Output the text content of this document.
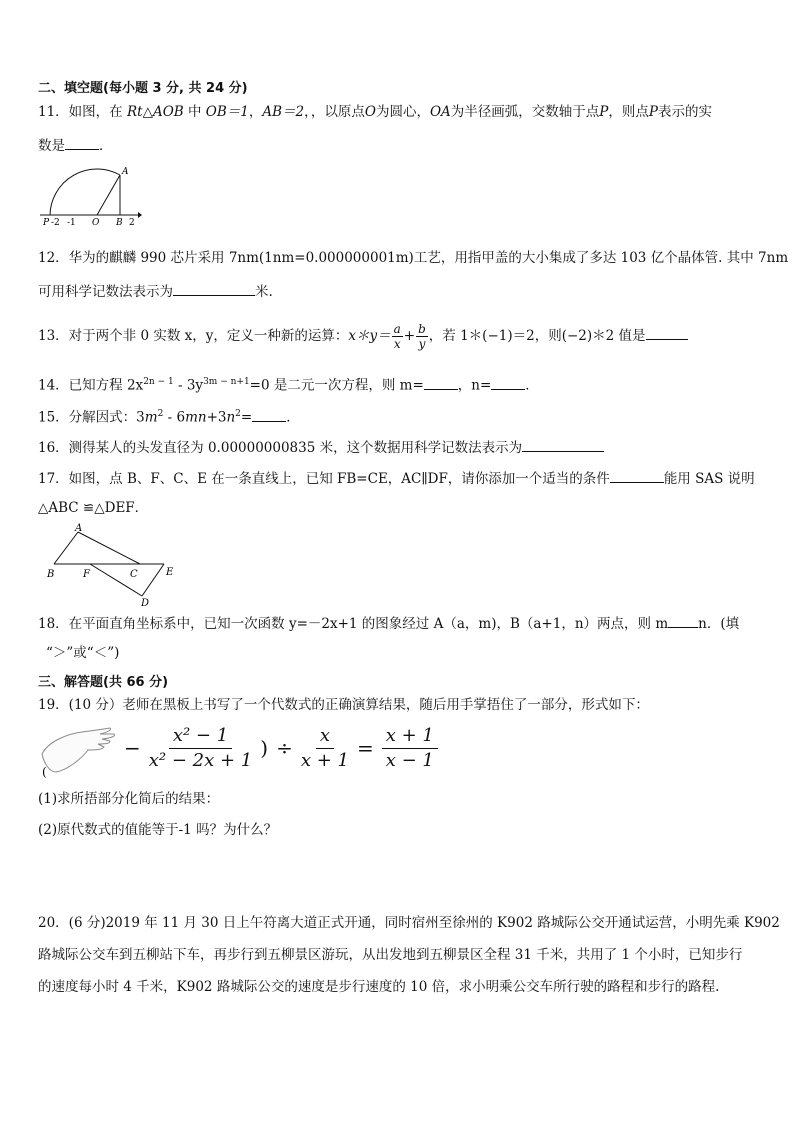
二、填空题(每小题 3 分, 共 24 分)
11．如图，在 Rt△AOB 中 OB＝1，AB＝2，，以原点O为圆心，OA为半径画弧，交数轴于点P，则点P表示的实
数是	．
A
P -2 -1 O B 2
12．华为的麒麟 990 芯片采用 7nm(1nm=0.000000001m)工艺，用指甲盖的大小集成了多达 103 亿个晶体管. 其中 7nm
可用科学记数法表示为	米.
13．对于两个非 0 实数 x，y，定义一种新的运算：x＊y＝ $\frac{a}{x} + \frac{b}{y}$ ，若 1＊(−1)＝2，则(−2)＊2 值是
14．已知方程 $2x^{2n - 1} - 3y^{3m - n+1}=0$ 是二元一次方程，则 m=	，n=	．
15．分解因式：$3m^2 - 6mn+3n^2=$	．
16．测得某人的头发直径为 0.00000000835 米，这个数据用科学记数法表示为
17．如图，点 B、F、C、E 在一条直线上，已知 FB=CE，AC∥DF，请你添加一个适当的条件	能用 SAS 说明
△ABC ≌△DEF．
A
B	F	C	E
D
18．在平面直角坐标系中，已知一次函数 y=－2x+1 的图象经过 A（a，m)，B（a+1，n）两点，则 m n．(填
“＞”或“＜”)
三、解答题(共 66 分)
19．(10 分）老师在黑板上书写了一个代数式的正确演算结果，随后用手掌捂住了一部分，形式如下：
(
− $\frac{\text{x² − 1}}{\text{x² − 2x + 1}}$ ) ÷ $\frac{x}{x + 1} = \frac{x + 1}{x - 1}$
(1)求所捂部分化简后的结果：
(2)原代数式的值能等于-1 吗？为什么？
20．(6 分)2019 年 11 月 30 日上午符离大道正式开通，同时宿州至徐州的 K902 路城际公交开通试运营，小明先乘 K902
路城际公交车到五柳站下车，再步行到五柳景区游玩，从出发地到五柳景区全程 31 千米，共用了 1 个小时，已知步行
的速度每小时 4 千米，K902 路城际公交的速度是步行速度的 10 倍，求小明乘公交车所行驶的路程和步行的路程.
